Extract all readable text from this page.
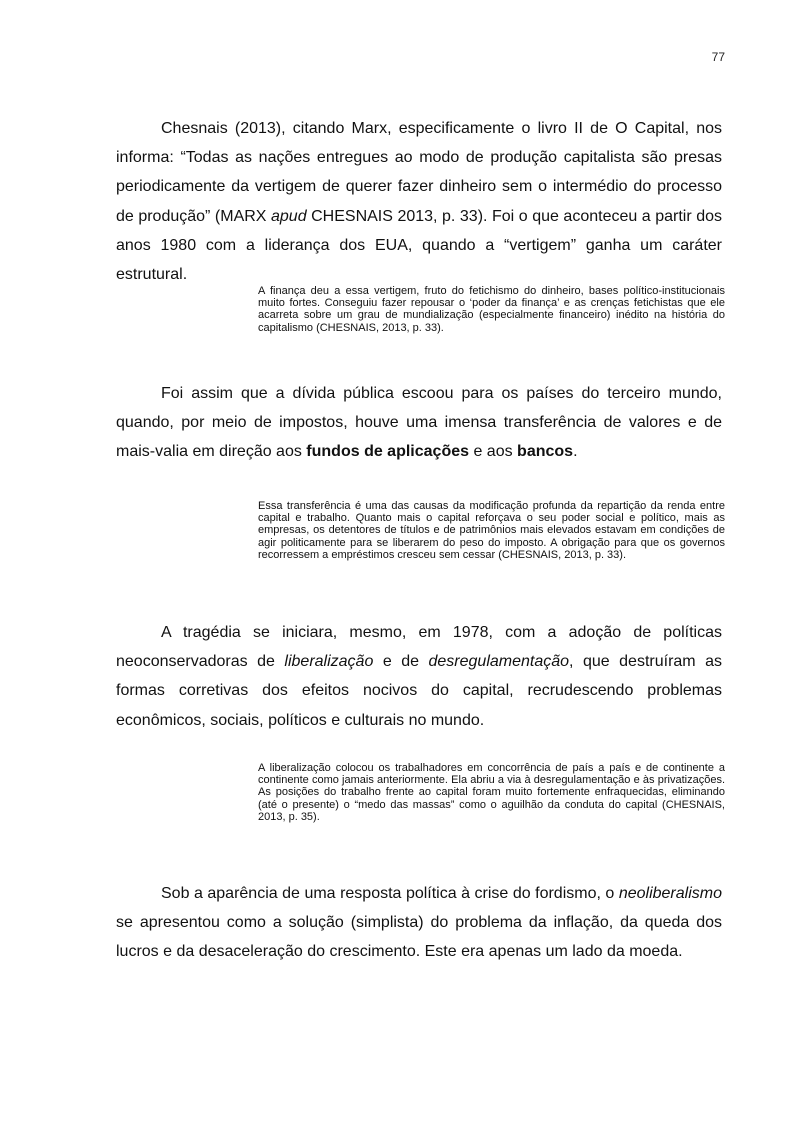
77

Chesnais (2013), citando Marx, especificamente o livro II de O Capital, nos informa: “Todas as nações entregues ao modo de produção capitalista são presas periodicamente da vertigem de querer fazer dinheiro sem o intermédio do processo de produção” (MARX apud CHESNAIS 2013, p. 33). Foi o que aconteceu a partir dos anos 1980 com a liderança dos EUA, quando a “vertigem” ganha um caráter estrutural.

A finança deu a essa vertigem, fruto do fetichismo do dinheiro, bases político-institucionais muito fortes. Conseguiu fazer repousar o ‘poder da finança’ e as crenças fetichistas que ele acarreta sobre um grau de mundialização (especialmente financeiro) inédito na história do capitalismo (CHESNAIS, 2013, p. 33).

Foi assim que a dívida pública escoou para os países do terceiro mundo, quando, por meio de impostos, houve uma imensa transferência de valores e de mais-valia em direção aos fundos de aplicações e aos bancos.

Essa transferência é uma das causas da modificação profunda da repartição da renda entre capital e trabalho. Quanto mais o capital reforçava o seu poder social e político, mais as empresas, os detentores de títulos e de patrimônios mais elevados estavam em condições de agir politicamente para se liberarem do peso do imposto. A obrigação para que os governos recorressem a empréstimos cresceu sem cessar (CHESNAIS, 2013, p. 33).

A tragédia se iniciara, mesmo, em 1978, com a adoção de políticas neoconservadoras de liberalização e de desregulamentação, que destruíram as formas corretivas dos efeitos nocivos do capital, recrudescendo problemas econômicos, sociais, políticos e culturais no mundo.

A liberalização colocou os trabalhadores em concorrência de país a país e de continente a continente como jamais anteriormente. Ela abriu a via à desregulamentação e às privatizações. As posições do trabalho frente ao capital foram muito fortemente enfraquecidas, eliminando (até o presente) o “medo das massas” como o aguilhão da conduta do capital (CHESNAIS, 2013, p. 35).

Sob a aparência de uma resposta política à crise do fordismo, o neoliberalismo se apresentou como a solução (simplista) do problema da inflação, da queda dos lucros e da desaceleração do crescimento. Este era apenas um lado da moeda.
